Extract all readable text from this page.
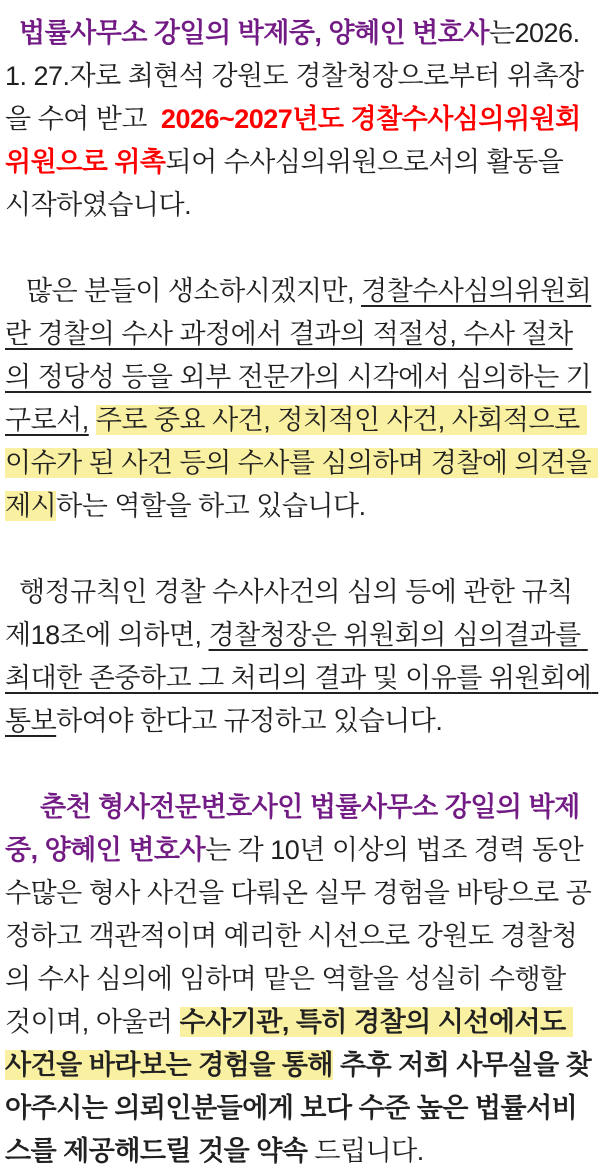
법률사무소 강일의 박제중, 양혜인 변호사는2026. 1. 27.자로 최현석 강원도 경찰청장으로부터 위촉장을 수여 받고  2026~2027년도 경찰수사심의위원회 위원으로 위촉되어 수사심의위원으로서의 활동을 시작하였습니다.

많은 분들이 생소하시겠지만, 경찰수사심의위원회란 경찰의 수사 과정에서 결과의 적절성, 수사 절차의 정당성 등을 외부 전문가의 시각에서 심의하는 기구로서, 주로 중요 사건, 정치적인 사건, 사회적으로 이슈가 된 사건 등의 수사를 심의하며 경찰에 의견을 제시하는 역할을 하고 있습니다.

행정규칙인 경찰 수사사건의 심의 등에 관한 규칙 제18조에 의하면, 경찰청장은 위원회의 심의결과를 최대한 존중하고 그 처리의 결과 및 이유를 위원회에 통보하여야 한다고 규정하고 있습니다.

춘천 형사전문변호사인 법률사무소 강일의 박제중, 양혜인 변호사는 각 10년 이상의 법조 경력 동안 수많은 형사 사건을 다뤄온 실무 경험을 바탕으로 공정하고 객관적이며 예리한 시선으로 강원도 경찰청의 수사 심의에 임하며 맡은 역할을 성실히 수행할 것이며, 아울러 수사기관, 특히 경찰의 시선에서도 사건을 바라보는 경험을 통해 추후 저희 사무실을 찾아주시는 의뢰인분들에게 보다 수준 높은 법률서비스를 제공해드릴 것을 약속 드립니다.
